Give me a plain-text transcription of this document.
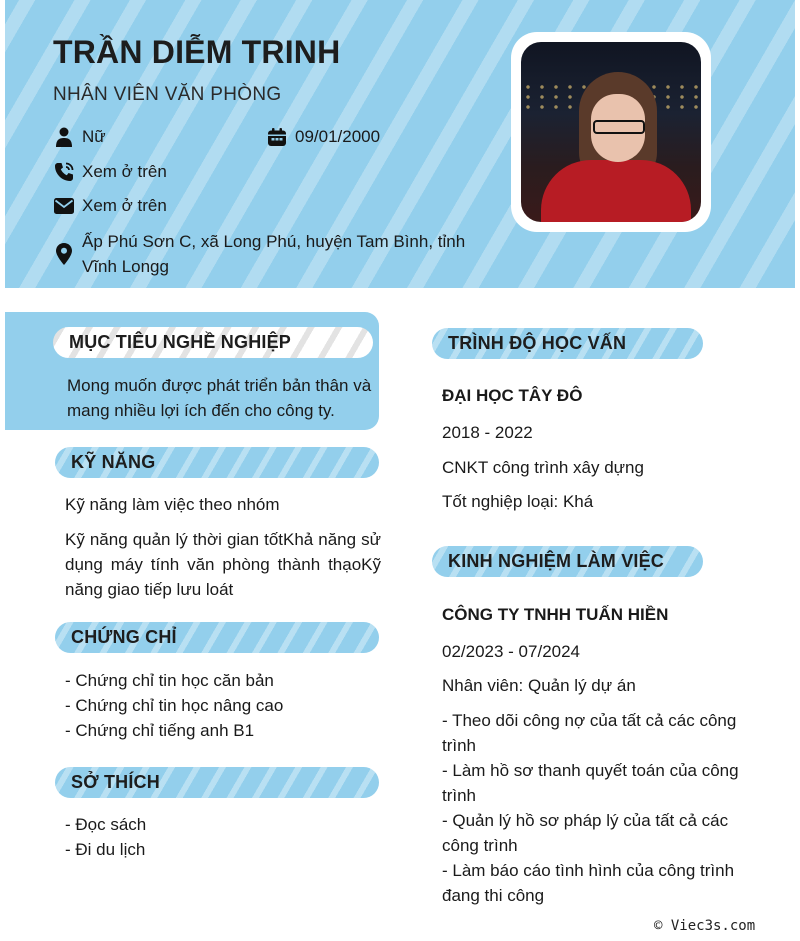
TRẦN DIỄM TRINH
NHÂN VIÊN VĂN PHÒNG
Nữ	09/01/2000
Xem ở trên
Xem ở trên
Ấp Phú Sơn C, xã Long Phú, huyện Tam Bình, tỉnh
Vĩnh Longg
MỤC TIÊU NGHỀ NGHIỆP
Mong muốn được phát triển bản thân và
mang nhiều lợi ích đến cho công ty.
KỸ NĂNG
Kỹ năng làm việc theo nhóm
Kỹ năng quản lý thời gian tốtKhả năng sử dụng máy tính văn phòng thành thạoKỹ năng giao tiếp lưu loát
CHỨNG CHỈ
- Chứng chỉ tin học căn bản
- Chứng chỉ tin học nâng cao
- Chứng chỉ tiếng anh B1
SỞ THÍCH
- Đọc sách
- Đi du lịch
TRÌNH ĐỘ HỌC VẤN
ĐẠI HỌC TÂY ĐÔ
2018 - 2022
CNKT công trình xây dựng
Tốt nghiệp loại: Khá
KINH NGHIỆM LÀM VIỆC
CÔNG TY TNHH TUẤN HIỀN
02/2023 - 07/2024
Nhân viên: Quản lý dự án
- Theo dõi công nợ của tất cả các công
trình
- Làm hồ sơ thanh quyết toán của công
trình
- Quản lý hồ sơ pháp lý của tất cả các
công trình
- Làm báo cáo tình hình của công trình
đang thi công
© Viec3s.com
